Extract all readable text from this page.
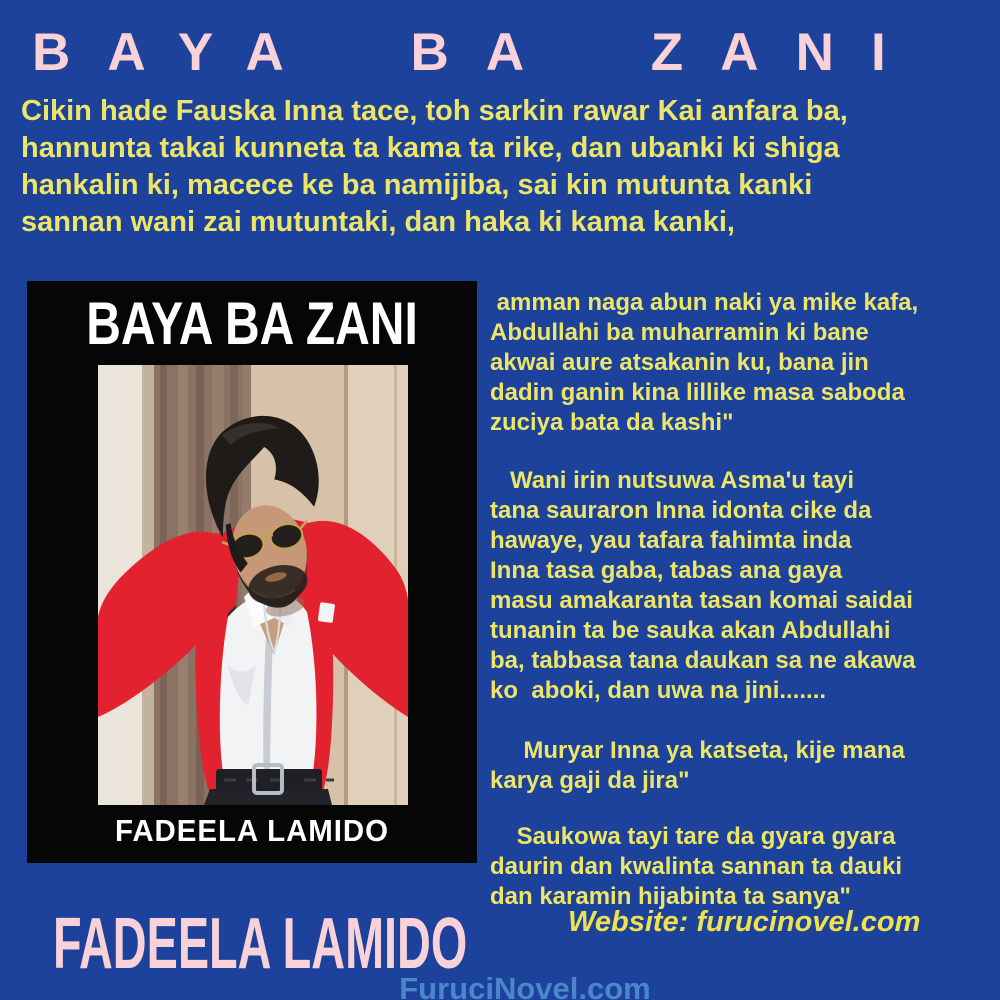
BAYA BA ZANI
Cikin hade Fauska Inna tace, toh sarkin rawar Kai anfara ba,
hannunta takai kunneta ta kama ta rike, dan ubanki ki shiga
hankalin ki, macece ke ba namijiba, sai kin mutunta kanki
sannan wani zai mutuntaki, dan haka ki kama kanki,
BAYA BA ZANI
FADEELA LAMIDO
amman naga abun naki ya mike kafa,
Abdullahi ba muharramin ki bane
akwai aure atsakanin ku, bana jin
dadin ganin kina lillike masa saboda
zuciya bata da kashi"
Wani irin nutsuwa Asma'u tayi
tana sauraron Inna idonta cike da
hawaye, yau tafara fahimta inda
Inna tasa gaba, tabas ana gaya
masu amakaranta tasan komai saidai
tunanin ta be sauka akan Abdullahi
ba, tabbasa tana daukan sa ne akawa
ko  aboki, dan uwa na jini.......
Muryar Inna ya katseta, kije mana
karya gaji da jira"
Saukowa tayi tare da gyara gyara
daurin dan kwalinta sannan ta dauki
dan karamin hijabinta ta sanya"
FADEELA LAMIDO	Website: furucinovel.com
FuruciNovel.com
